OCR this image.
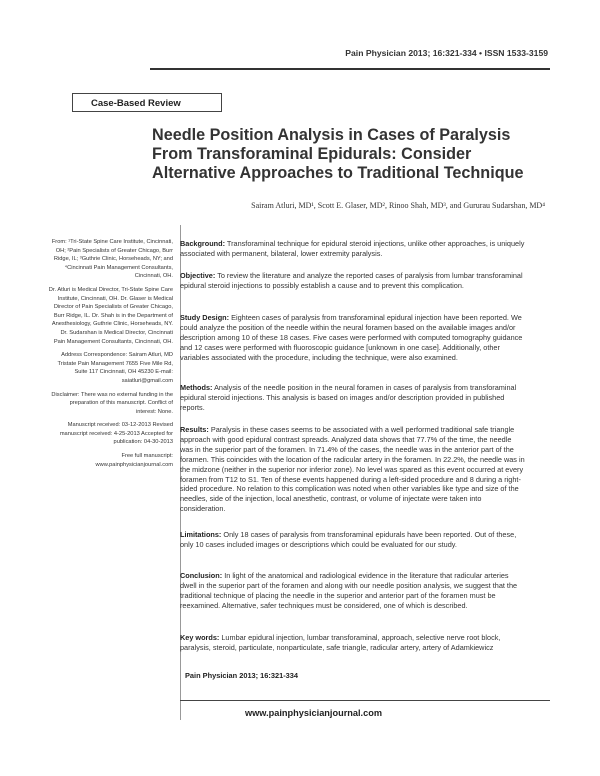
Pain Physician 2013; 16:321-334 • ISSN 1533-3159
Case-Based Review
Needle Position Analysis in Cases of Paralysis From Transforaminal Epidurals: Consider Alternative Approaches to Traditional Technique
Sairam Atluri, MD¹, Scott E. Glaser, MD², Rinoo Shah, MD³, and Gururau Sudarshan, MD⁴

From: ¹Tri-State Spine Care Institute, Cincinnati, OH; ²Pain Specialists of Greater Chicago, Burr Ridge, IL; ³Guthrie Clinic, Horseheads, NY; and ⁴Cincinnati Pain Management Consultants, Cincinnati, OH.

Dr. Atluri is Medical Director, Tri-State Spine Care Institute, Cincinnati, OH. Dr. Glaser is Medical Director of Pain Specialists of Greater Chicago, Burr Ridge, IL. Dr. Shah is in the Department of Anesthesiology, Guthrie Clinic, Horseheads, NY. Dr. Sudarshan is Medical Director, Cincinnati Pain Management Consultants, Cincinnati, OH.

Address Correspondence: Sairam Atluri, MD Tristate Pain Management 7655 Five Mile Rd, Suite 117 Cincinnati, OH 45230 E-mail: saiatluri@gmail.com

Disclaimer: There was no external funding in the preparation of this manuscript. Conflict of interest: None.

Manuscript received: 03-12-2013 Revised manuscript received: 4-25-2013 Accepted for publication: 04-30-2013

Free full manuscript: www.painphysicianjournal.com

Background: Transforaminal technique for epidural steroid injections, unlike other approaches, is uniquely associated with permanent, bilateral, lower extremity paralysis.
Objective: To review the literature and analyze the reported cases of paralysis from lumbar transforaminal epidural steroid injections to possibly establish a cause and to prevent this complication.
Study Design: Eighteen cases of paralysis from transforaminal epidural injection have been reported. We could analyze the position of the needle within the neural foramen based on the available images and/or description among 10 of these 18 cases. Five cases were performed with computed tomography guidance and 12 cases were performed with fluoroscopic guidance [unknown in one case]. Additionally, other variables associated with the procedure, including the technique, were also examined.
Methods: Analysis of the needle position in the neural foramen in cases of paralysis from transforaminal epidural steroid injections. This analysis is based on images and/or description provided in published reports.
Results: Paralysis in these cases seems to be associated with a well performed traditional safe triangle approach with good epidural contrast spreads. Analyzed data shows that 77.7% of the time, the needle was in the superior part of the foramen. In 71.4% of the cases, the needle was in the anterior part of the foramen. This coincides with the location of the radicular artery in the foramen. In 22.2%, the needle was in the midzone (neither in the superior nor inferior zone). No level was spared as this event occurred at every foramen from T12 to S1. Ten of these events happened during a left-sided procedure and 8 during a right-sided procedure. No relation to this complication was noted when other variables like type and size of the needles, side of the injection, local anesthetic, contrast, or volume of injectate were taken into consideration.
Limitations: Only 18 cases of paralysis from transforaminal epidurals have been reported. Out of these, only 10 cases included images or descriptions which could be evaluated for our study.
Conclusion: In light of the anatomical and radiological evidence in the literature that radicular arteries dwell in the superior part of the foramen and along with our needle position analysis, we suggest that the traditional technique of placing the needle in the superior and anterior part of the foramen must be reexamined. Alternative, safer techniques must be considered, one of which is described.
Key words: Lumbar epidural injection, lumbar transforaminal, approach, selective nerve root block, paralysis, steroid, particulate, nonparticulate, safe triangle, radicular artery, artery of Adamkiewicz
Pain Physician 2013; 16:321-334
www.painphysicianjournal.com
